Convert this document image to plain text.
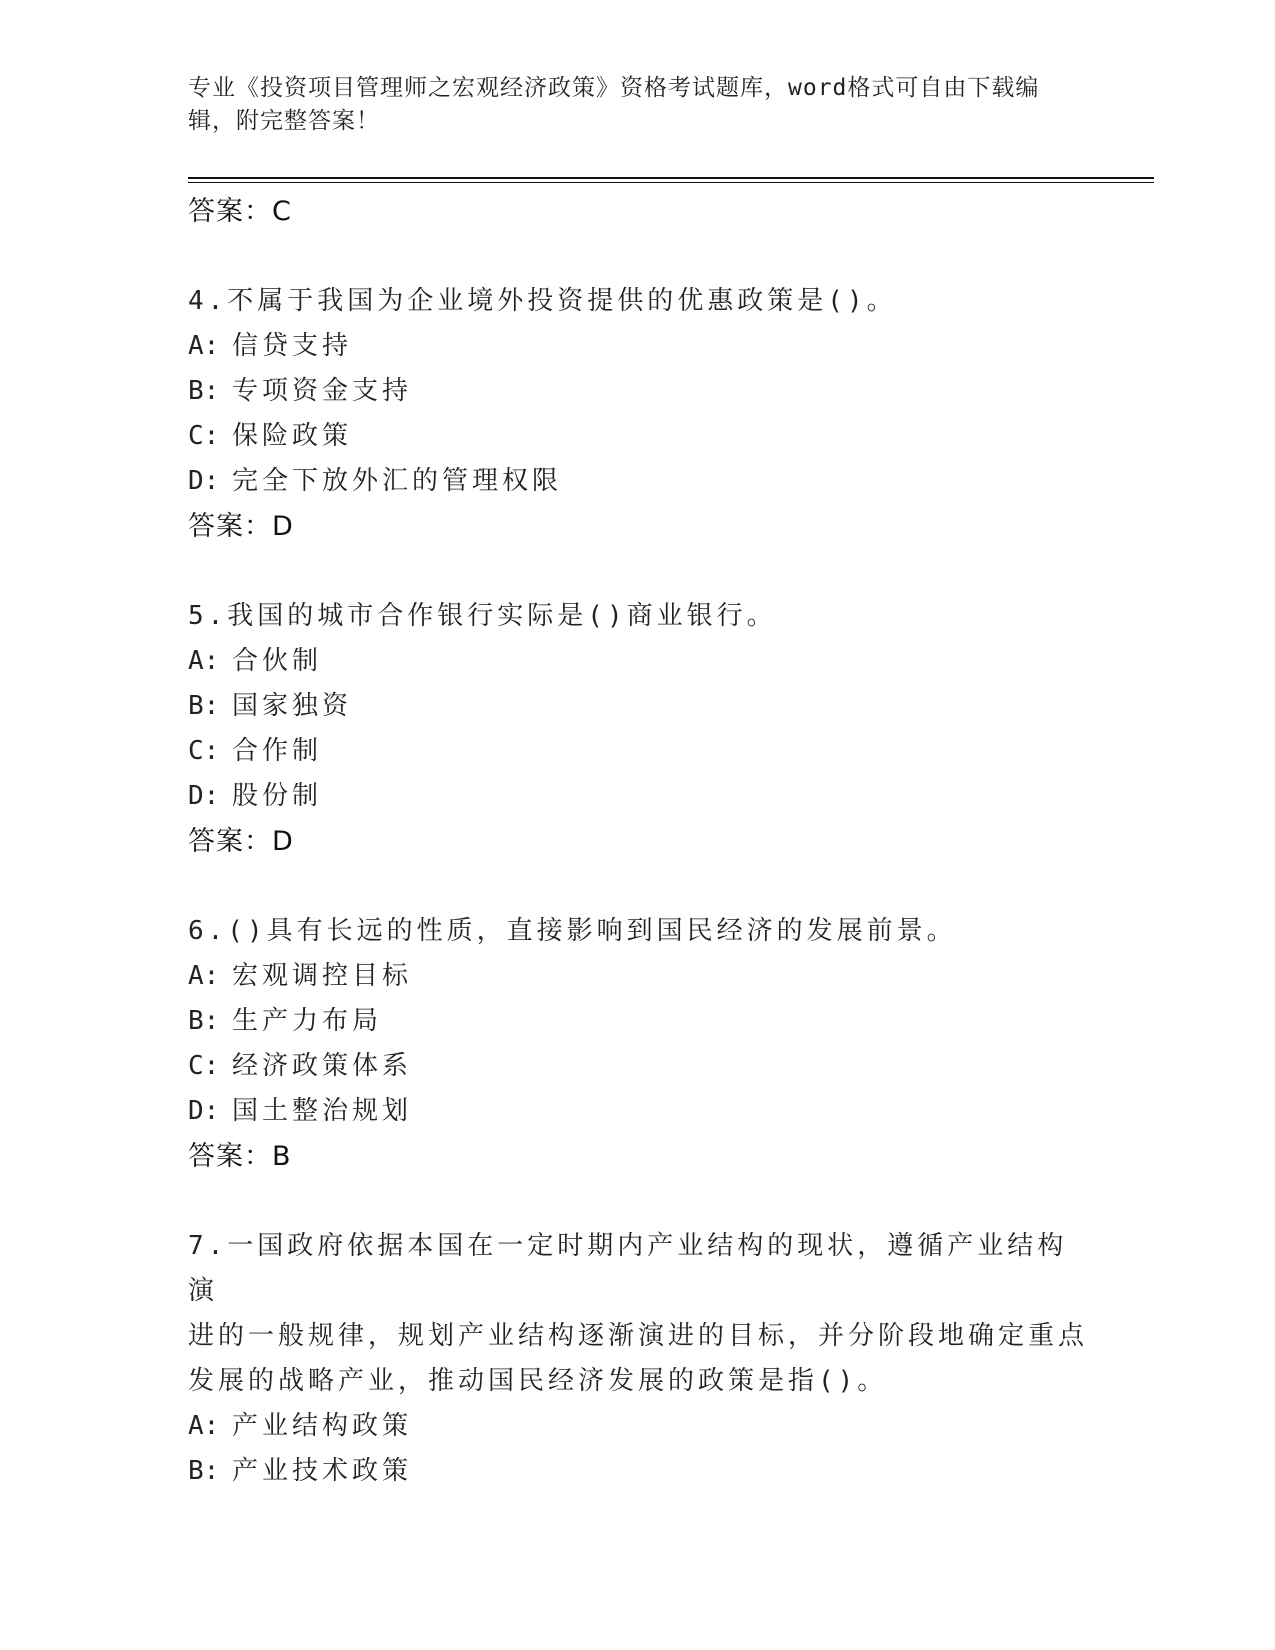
专业《投资项目管理师之宏观经济政策》资格考试题库，word格式可自由下载编
辑，附完整答案！
答案：C
4.不属于我国为企业境外投资提供的优惠政策是()。
A: 信贷支持
B: 专项资金支持
C: 保险政策
D: 完全下放外汇的管理权限
答案：D
5.我国的城市合作银行实际是()商业银行。
A: 合伙制
B: 国家独资
C: 合作制
D: 股份制
答案：D
6.()具有长远的性质，直接影响到国民经济的发展前景。
A: 宏观调控目标
B: 生产力布局
C: 经济政策体系
D: 国土整治规划
答案：B
7.一国政府依据本国在一定时期内产业结构的现状，遵循产业结构演
进的一般规律，规划产业结构逐渐演进的目标，并分阶段地确定重点
发展的战略产业，推动国民经济发展的政策是指()。
A: 产业结构政策
B: 产业技术政策
